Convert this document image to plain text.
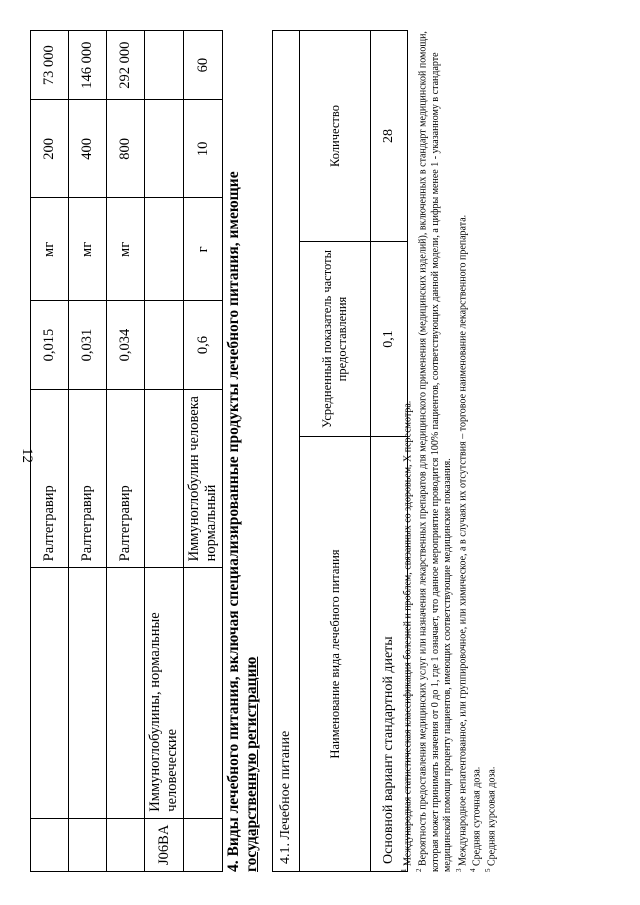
12
		Ралтегравир	0,015	мг	200	73 000
		Ралтегравир	0,031	мг	400	146 000
		Ралтегравир	0,034	мг	800	292 000
J06BA	Иммуноглобулины, нормальные человеческие					
		Иммуноглобулин человека нормальный	0,6	г	10	60
4. Виды лечебного питания, включая специализированные продукты лечебного питания, имеющие государственную регистрацию 4.1. Лечебное питание		
Наименование вида лечебного питания	Усредненный показатель частоты предоставления	Количество
Основной вариант стандартной диеты	0,1	28

$^1$ Международная статистическая классификация болезней и проблем, связанных со здоровьем, X пересмотра.

$^2$ Вероятность предоставления медицинских услуг или назначения лекарственных препаратов для медицинского применения (медицинских изделий), включенных в стандарт медицинской помощи, которая может принимать значения от 0 до 1, где 1 означает, что данное мероприятие проводится 100% пациентов, соответствующих данной модели, а цифры менее 1 - указанному в стандарте медицинской помощи проценту пациентов, имеющих соответствующие медицинские показания. $^3$ Международное непатентованное, или группировочное, или химическое, а в случаях их отсутствия – торговое наименование лекарственного препарата.

$^4$ Средняя суточная доза.

$^5$ Средняя курсовая доза.
